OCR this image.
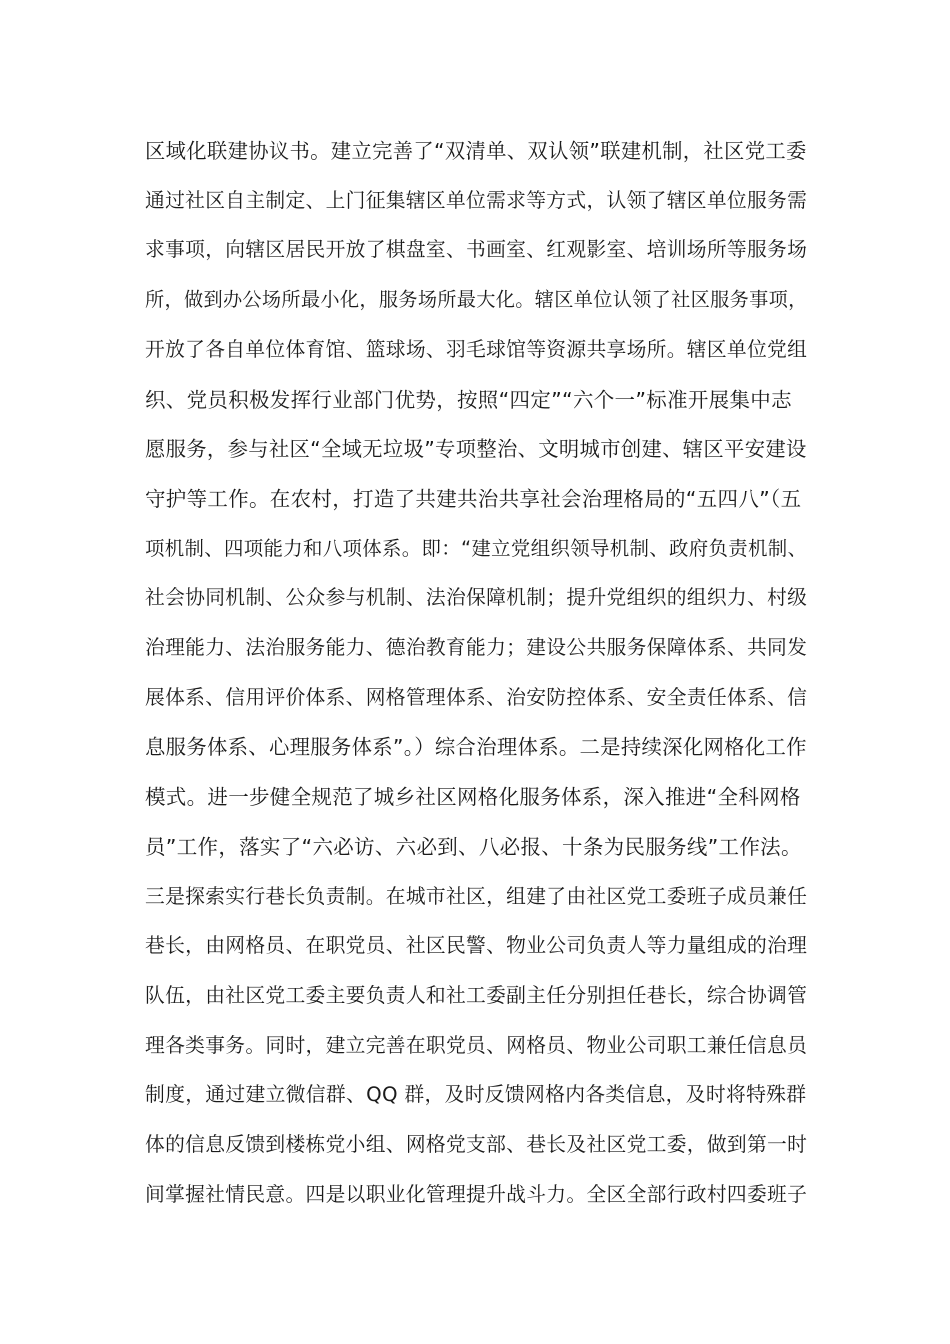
区域化联建协议书。建立完善了“双清单、双认领”联建机制，社区党工委

通过社区自主制定、上门征集辖区单位需求等方式，认领了辖区单位服务需

求事项，向辖区居民开放了棋盘室、书画室、红观影室、培训场所等服务场

所，做到办公场所最小化，服务场所最大化。辖区单位认领了社区服务事项，

开放了各自单位体育馆、篮球场、羽毛球馆等资源共享场所。辖区单位党组

织、党员积极发挥行业部门优势，按照“四定”“六个一”标准开展集中志

愿服务，参与社区“全域无垃圾”专项整治、文明城市创建、辖区平安建设

守护等工作。在农村，打造了共建共治共享社会治理格局的“五四八”（五

项机制、四项能力和八项体系。即：“建立党组织领导机制、政府负责机制、

社会协同机制、公众参与机制、法治保障机制；提升党组织的组织力、村级

治理能力、法治服务能力、德治教育能力；建设公共服务保障体系、共同发

展体系、信用评价体系、网格管理体系、治安防控体系、安全责任体系、信

息服务体系、心理服务体系”。）综合治理体系。二是持续深化网格化工作

模式。进一步健全规范了城乡社区网格化服务体系，深入推进“全科网格

员”工作，落实了“六必访、六必到、八必报、十条为民服务线”工作法。

三是探索实行巷长负责制。在城市社区，组建了由社区党工委班子成员兼任

巷长，由网格员、在职党员、社区民警、物业公司负责人等力量组成的治理

队伍，由社区党工委主要负责人和社工委副主任分别担任巷长，综合协调管

理各类事务。同时，建立完善在职党员、网格员、物业公司职工兼任信息员

制度，通过建立微信群、QQ 群，及时反馈网格内各类信息，及时将特殊群

体的信息反馈到楼栋党小组、网格党支部、巷长及社区党工委，做到第一时

间掌握社情民意。四是以职业化管理提升战斗力。全区全部行政村四委班子
